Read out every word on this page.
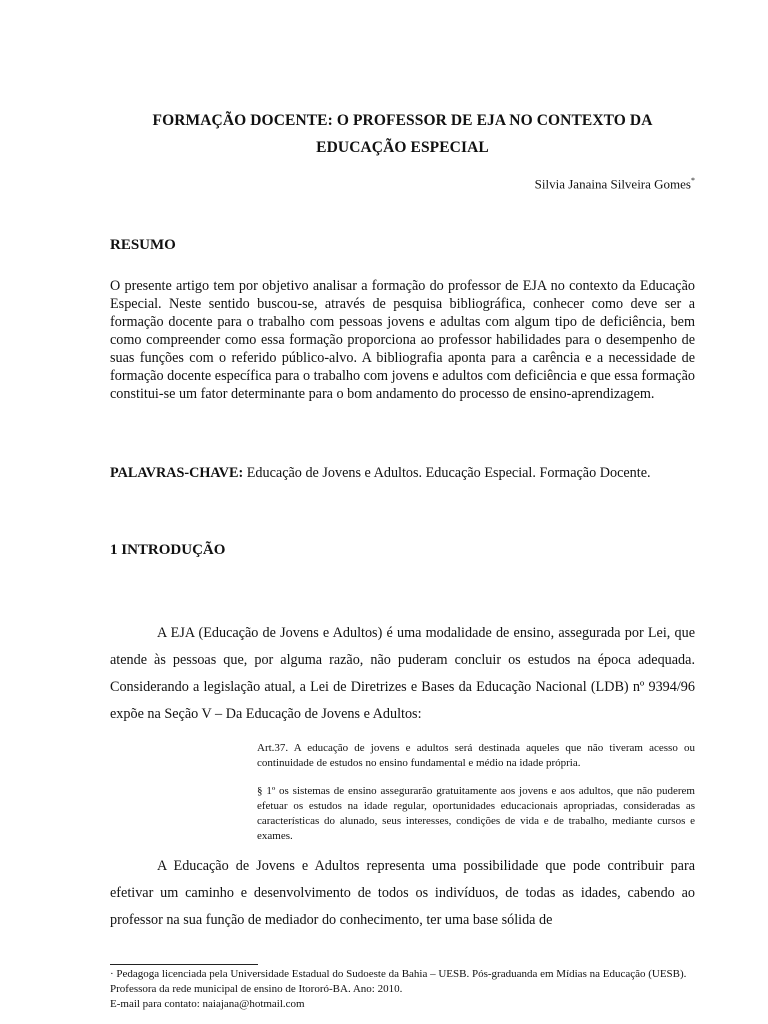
FORMAÇÃO DOCENTE: O PROFESSOR DE EJA NO CONTEXTO DA
EDUCAÇÃO ESPECIAL
Silvia Janaina Silveira Gomes*
RESUMO
O presente artigo tem por objetivo analisar a formação do professor de EJA no contexto da Educação Especial. Neste sentido buscou-se, através de pesquisa bibliográfica, conhecer como deve ser a formação docente para o trabalho com pessoas jovens e adultas com algum tipo de deficiência, bem como compreender como essa formação proporciona ao professor habilidades para o desempenho de suas funções com o referido público-alvo. A bibliografia aponta para a carência e a necessidade de formação docente específica para o trabalho com jovens e adultos com deficiência e que essa formação constitui-se um fator determinante para o bom andamento do processo de ensino-aprendizagem.
PALAVRAS-CHAVE: Educação de Jovens e Adultos. Educação Especial. Formação Docente.
1 INTRODUÇÃO
A EJA (Educação de Jovens e Adultos) é uma modalidade de ensino, assegurada por Lei, que atende às pessoas que, por alguma razão, não puderam concluir os estudos na época adequada. Considerando a legislação atual, a Lei de Diretrizes e Bases da Educação Nacional (LDB) nº 9394/96 expõe na Seção V – Da Educação de Jovens e Adultos:
Art.37. A educação de jovens e adultos será destinada aqueles que não tiveram acesso ou continuidade de estudos no ensino fundamental e médio na idade própria.
§ 1º os sistemas de ensino assegurarão gratuitamente aos jovens e aos adultos, que não puderem efetuar os estudos na idade regular, oportunidades educacionais apropriadas, consideradas as características do alunado, seus interesses, condições de vida e de trabalho, mediante cursos e exames.
A Educação de Jovens e Adultos representa uma possibilidade que pode contribuir para efetivar um caminho e desenvolvimento de todos os indivíduos, de todas as idades, cabendo ao professor na sua função de mediador do conhecimento, ter uma base sólida de
· Pedagoga licenciada pela Universidade Estadual do Sudoeste da Bahia – UESB. Pós-graduanda em Mídias na Educação (UESB). Professora da rede municipal de ensino de Itororó-BA. Ano: 2010.
E-mail para contato: naiajana@hotmail.com
